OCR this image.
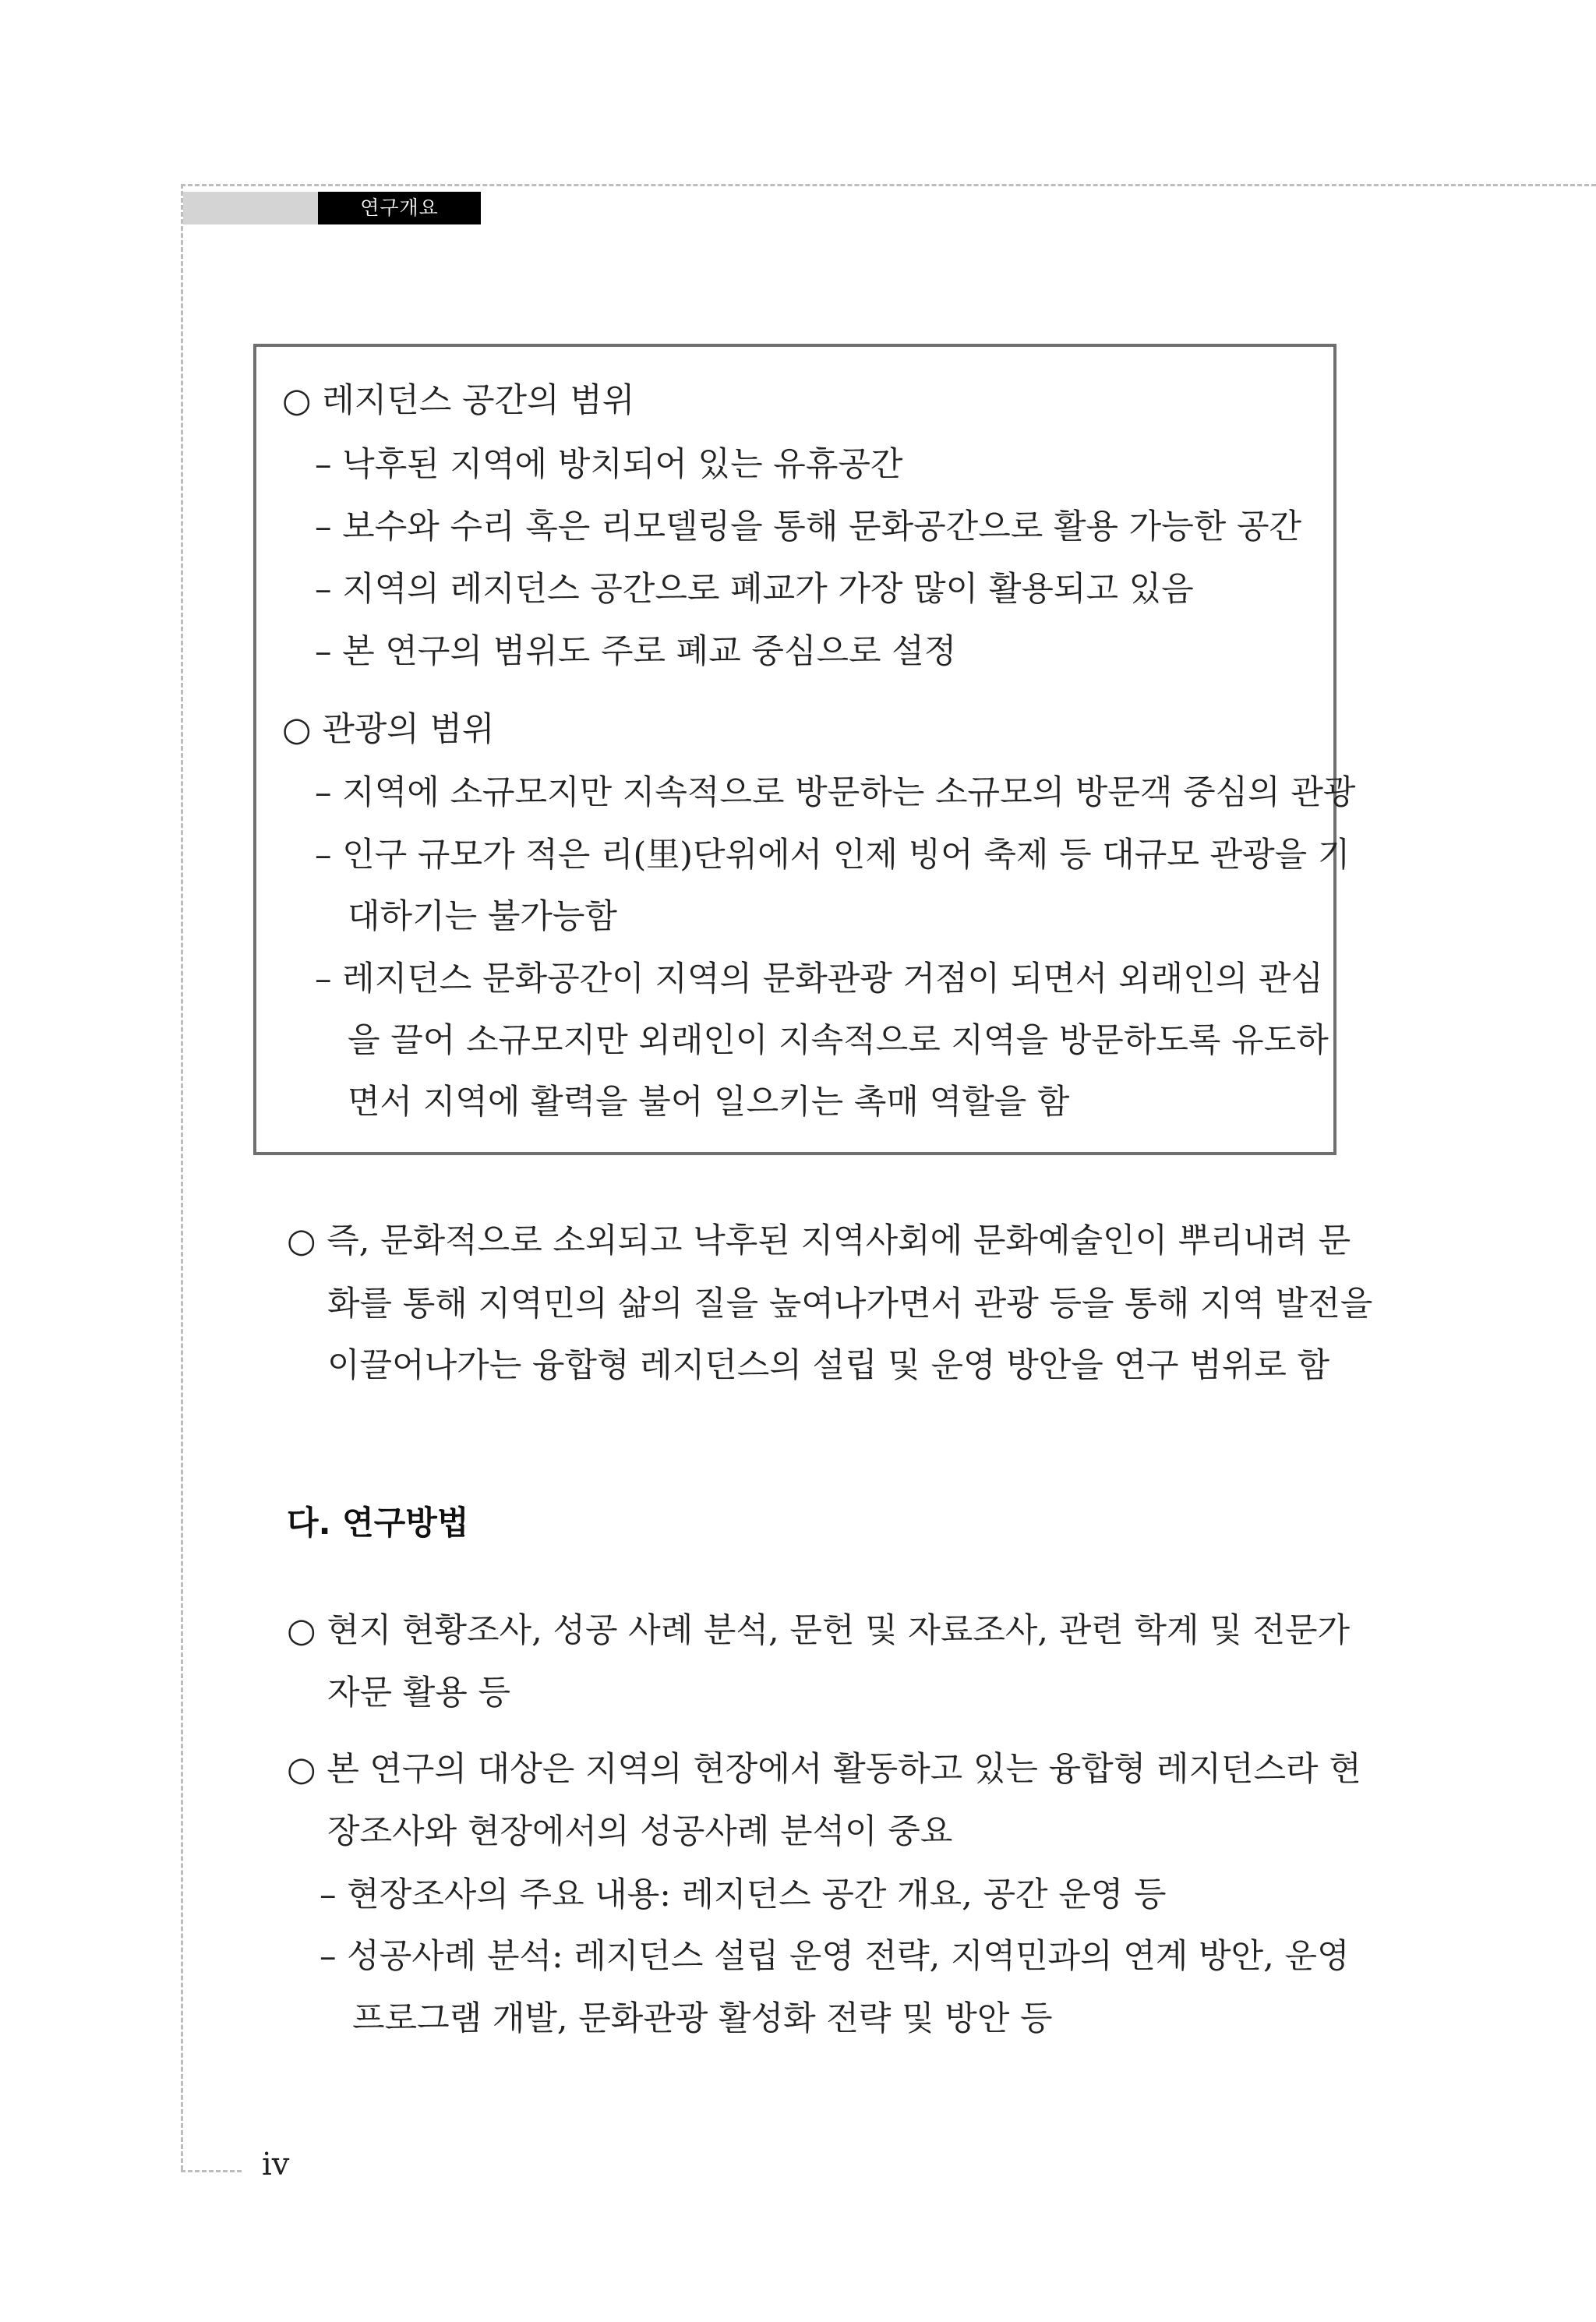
연구개요
○ 레지던스 공간의 범위
– 낙후된 지역에 방치되어 있는 유휴공간
– 보수와 수리 혹은 리모델링을 통해 문화공간으로 활용 가능한 공간
– 지역의 레지던스 공간으로 폐교가 가장 많이 활용되고 있음
– 본 연구의 범위도 주로 폐교 중심으로 설정
○ 관광의 범위
– 지역에 소규모지만 지속적으로 방문하는 소규모의 방문객 중심의 관광
– 인구 규모가 적은 리(里)단위에서 인제 빙어 축제 등 대규모 관광을 기
대하기는 불가능함
– 레지던스 문화공간이 지역의 문화관광 거점이 되면서 외래인의 관심
을 끌어 소규모지만 외래인이 지속적으로 지역을 방문하도록 유도하
면서 지역에 활력을 불어 일으키는 촉매 역할을 함
○ 즉, 문화적으로 소외되고 낙후된 지역사회에 문화예술인이 뿌리내려 문
화를 통해 지역민의 삶의 질을 높여나가면서 관광 등을 통해 지역 발전을
이끌어나가는 융합형 레지던스의 설립 및 운영 방안을 연구 범위로 함
다. 연구방법
○ 현지 현황조사, 성공 사례 분석, 문헌 및 자료조사, 관련 학계 및 전문가
자문 활용 등
○ 본 연구의 대상은 지역의 현장에서 활동하고 있는 융합형 레지던스라 현
장조사와 현장에서의 성공사례 분석이 중요
– 현장조사의 주요 내용: 레지던스 공간 개요, 공간 운영 등
– 성공사례 분석: 레지던스 설립 운영 전략, 지역민과의 연계 방안, 운영
프로그램 개발, 문화관광 활성화 전략 및 방안 등
iv
